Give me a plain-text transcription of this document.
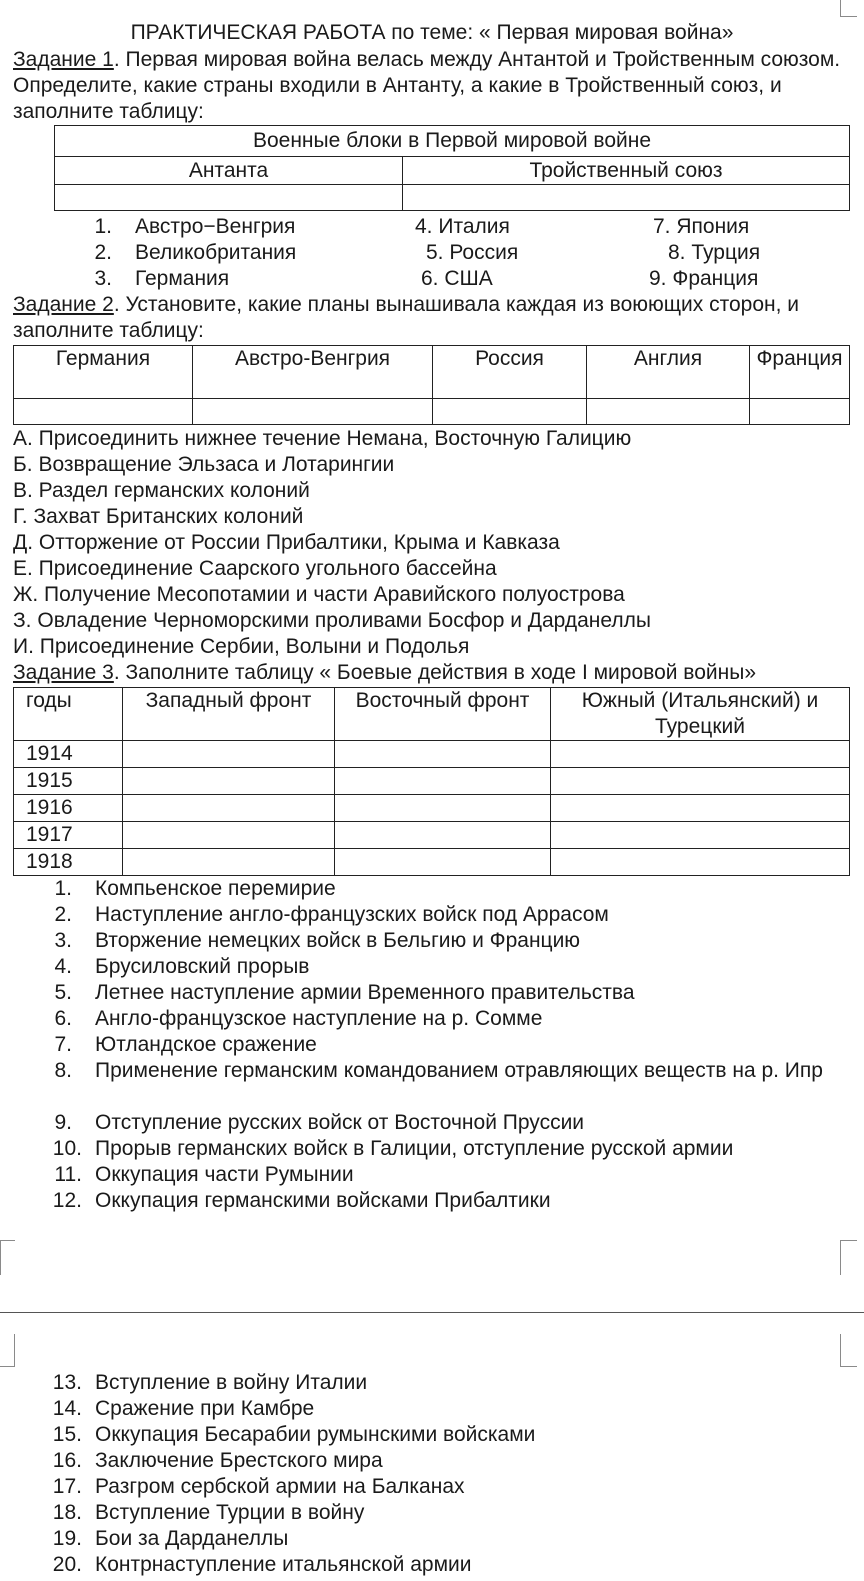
ПРАКТИЧЕСКАЯ РАБОТА по теме: « Первая мировая война»
Задание 1. Первая мировая война велась между Антантой и Тройственным союзом. Определите, какие страны входили в Антанту, а какие в Тройственный союз, и заполните таблицу:
Военные блоки в Первой мировой войне	
Антанта	Тройственный союз

1. Австро−Венгрия	4. Италия	7. Япония
2. Великобритания	5. Россия	8. Турция
3. Германия	6. США	9. Франция
Задание 2. Установите, какие планы вынашивала каждая из воюющих сторон, и заполните таблицу:
Германия	Австро-Венгрия	Россия	Англия	Франция

А. Присоединить нижнее течение Немана, Восточную Галицию
Б. Возвращение Эльзаса и Лотарингии
В. Раздел германских колоний
Г. Захват Британских колоний
Д. Отторжение от России Прибалтики, Крыма и Кавказа
Е. Присоединение Саарского угольного бассейна
Ж. Получение Месопотамии и части Аравийского полуострова
З. Овладение Черноморскими проливами Босфор и Дарданеллы
И. Присоединение Сербии, Волыни и Подолья
Задание 3. Заполните таблицу « Боевые действия в ходе I мировой войны»
годы	Западный фронт	Восточный фронт	Южный (Итальянский) и Турецкий
1914			
1915			
1916			
1917			
1918			
1. Компьенское перемирие
2. Наступление англо-французских войск под Аррасом
3. Вторжение немецких войск в Бельгию и Францию
4. Брусиловский прорыв
5. Летнее наступление армии Временного правительства
6. Англо-французское наступление на р. Сомме
7. Ютландское сражение
8. Применение германским командованием отравляющих веществ на р. Ипр
9. Отступление русских войск от Восточной Пруссии
10. Прорыв германских войск в Галиции, отступление русской армии
11. Оккупация части Румынии
12. Оккупация германскими войсками Прибалтики
13. Вступление в войну Италии
14. Сражение при Камбре
15. Оккупация Бесарабии румынскими войсками
16. Заключение Брестского мира
17. Разгром сербской армии на Балканах
18. Вступление Турции в войну
19. Бои за Дарданеллы
20. Контрнаступление итальянской армии
